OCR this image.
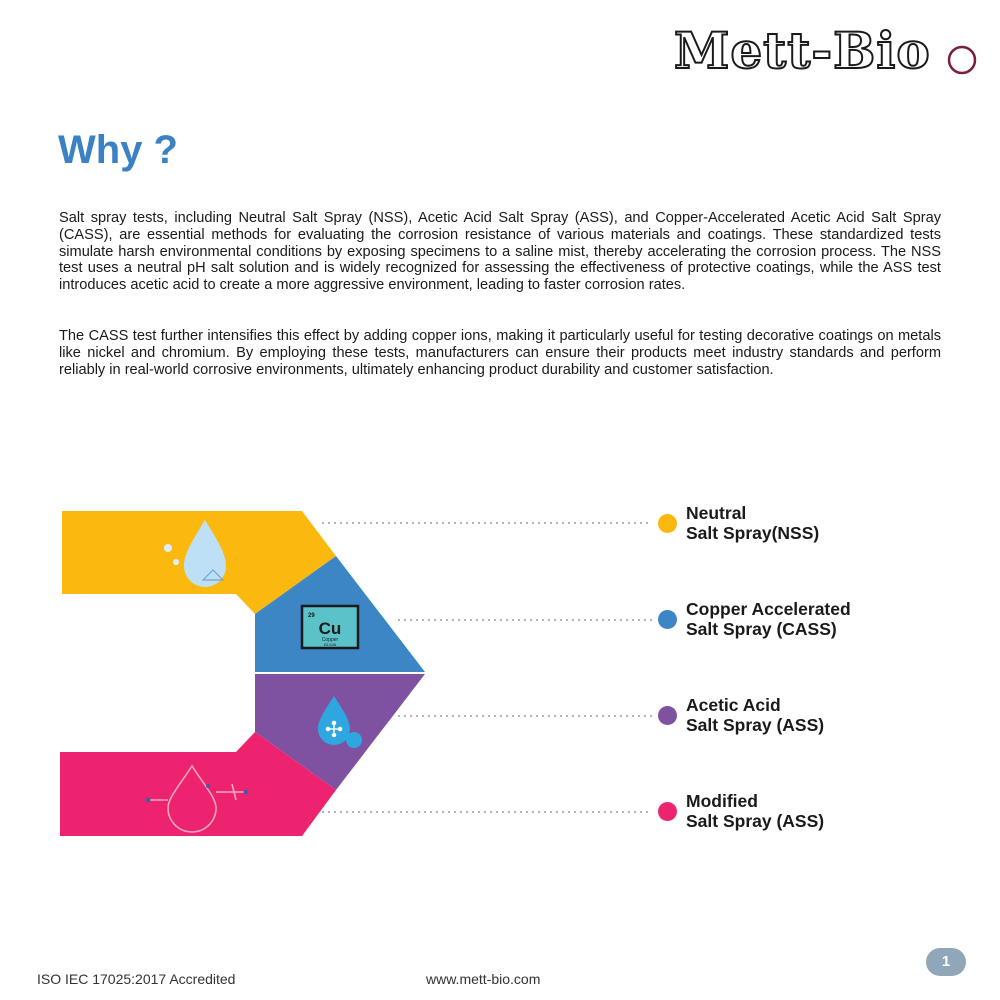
Mett-Bio
Why ?

Salt spray tests, including Neutral Salt Spray (NSS), Acetic Acid Salt Spray (ASS), and Copper-Accelerated Acetic Acid Salt Spray (CASS), are essential methods for evaluating the corrosion resistance of various materials and coatings. These standardized tests simulate harsh environmental conditions by exposing specimens to a saline mist, thereby accelerating the corrosion process. The NSS test uses a neutral pH salt solution and is widely recognized for assessing the effectiveness of protective coatings, while the ASS test introduces acetic acid to create a more aggressive environment, leading to faster corrosion rates.

The CASS test further intensifies this effect by adding copper ions, making it particularly useful for testing decorative coatings on metals like nickel and chromium. By employing these tests, manufacturers can ensure their products meet industry standards and perform reliably in real-world corrosive environments, ultimately enhancing product durability and customer satisfaction.

29
Cu
Copper
63.546
Neutral
Salt Spray(NSS)
Copper Accelerated
Salt Spray (CASS)
Acetic Acid
Salt Spray (ASS)
Modified
Salt Spray (ASS)
ISO IEC 17025:2017 Accredited	www.mett-bio.com
1
